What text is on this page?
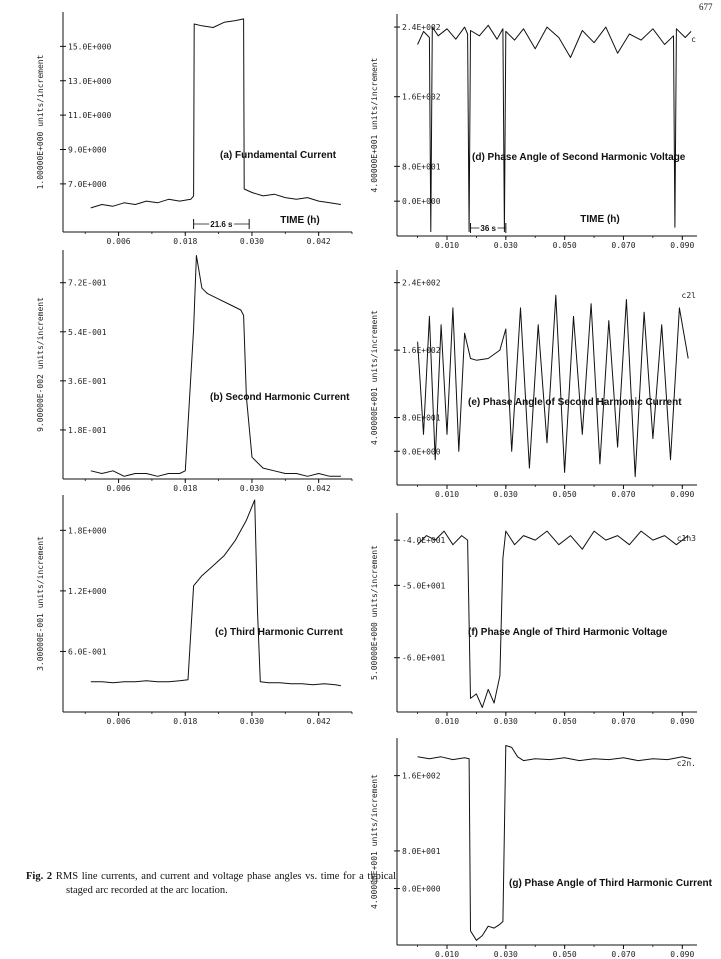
677
0.006	0.018	0.030	0.042
7.0E+000
9.0E+000
11.0E+000
13.0E+000
15.0E+000
1.00000E+000 units/increment	(a) Fundamental Current
TIME (h)
21.6 s
0.006	0.018	0.030	0.042
1.8E-001
3.6E-001
5.4E-001
7.2E-001
9.00000E-002 units/increment	(b) Second Harmonic Current
0.006	0.018	0.030	0.042
6.0E-001
1.2E+000
1.8E+000
3.00000E-001 units/increment	(c) Third Harmonic Current
0.010	0.030	0.050	0.070	0.090
0.0E+000
8.0E+001
1.6E+002
2.4E+002
4.00000E+001 units/increment	(d) Phase Angle of Second Harmonic Voltage
TIME (h)
c
36 s
0.010	0.030	0.050	0.070	0.090
0.0E+000
8.0E+001
1.6E+002
2.4E+002
4.00000E+001 units/increment	(e) Phase Angle of Second Harmonic Current
c2l
0.010	0.030	0.050	0.070	0.090
-6.0E+001
-5.0E+001
-4.0E+001
5.00000E+000 units/increment	(f) Phase Angle of Third Harmonic Voltage
c1h3
0.010	0.030	0.050	0.070	0.090
0.0E+000
8.0E+001
1.6E+002
4.00000E+001 units/increment	(g) Phase Angle of Third Harmonic Current
c2n.
Fig. 2 RMS line currents, and current and voltage phase angles vs. time for a typical staged arc recorded at the arc location.
